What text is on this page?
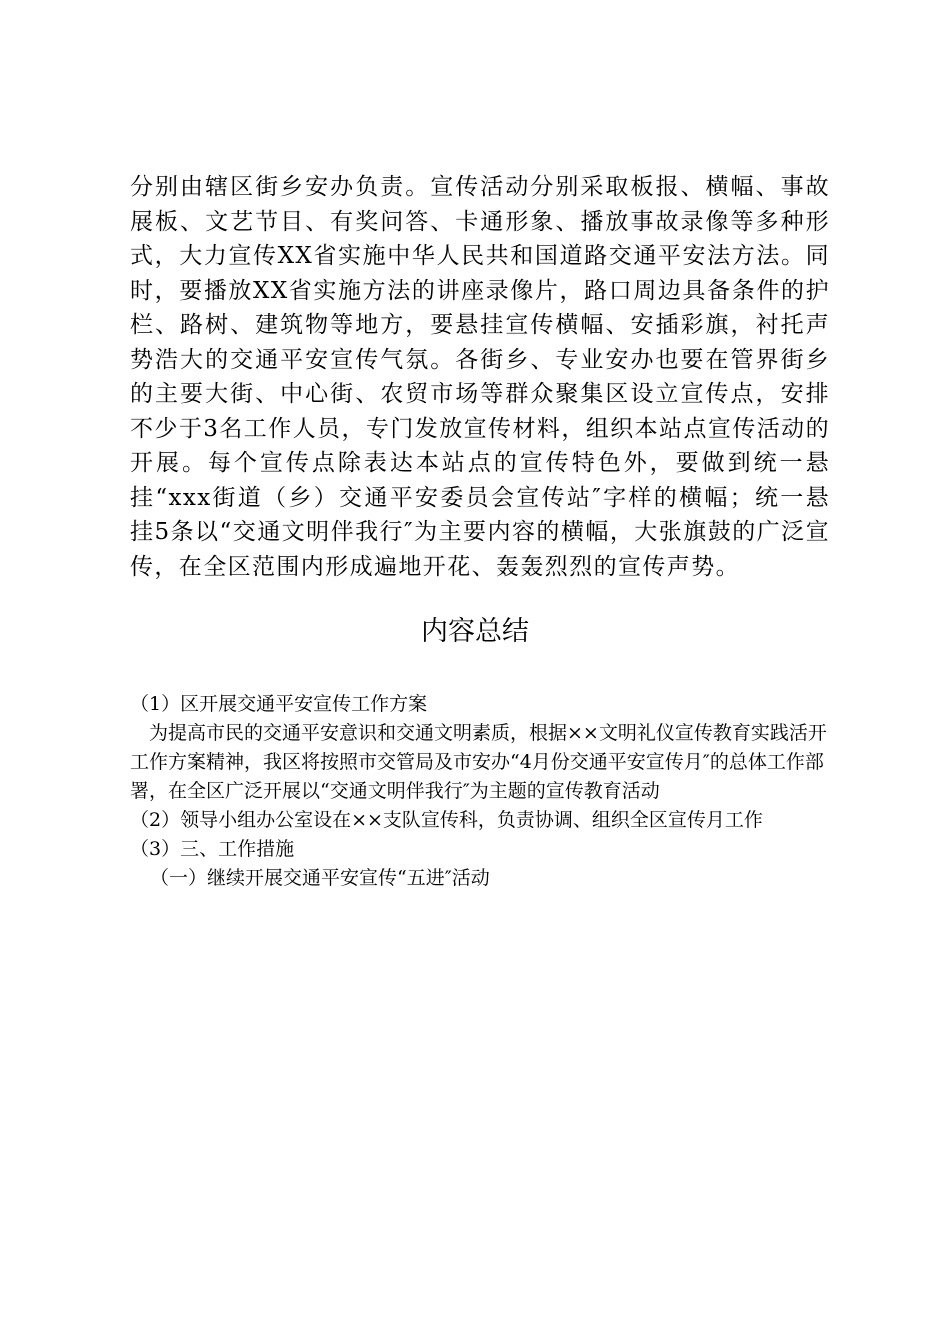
分别由辖区街乡安办负责。宣传活动分别采取板报、横幅、事故展板、文艺节目、有奖问答、卡通形象、播放事故录像等多种形式，大力宣传XX省实施中华人民共和国道路交通平安法方法。同时，要播放XX省实施方法的讲座录像片，路口周边具备条件的护栏、路树、建筑物等地方，要悬挂宣传横幅、安插彩旗，衬托声势浩大的交通平安宣传气氛。各街乡、专业安办也要在管界街乡的主要大街、中心街、农贸市场等群众聚集区设立宣传点，安排不少于3名工作人员，专门发放宣传材料，组织本站点宣传活动的开展。每个宣传点除表达本站点的宣传特色外，要做到统一悬挂“xxx街道（乡）交通平安委员会宣传站″字样的横幅；统一悬挂5条以“交通文明伴我行″为主要内容的横幅，大张旗鼓的广泛宣传，在全区范围内形成遍地开花、轰轰烈烈的宣传声势。

内容总结

（1）区开展交通平安宣传工作方案

为提高市民的交通平安意识和交通文明素质，根据××文明礼仪宣传教育实践活开工作方案精神，我区将按照市交管局及市安办“4月份交通平安宣传月″的总体工作部署，在全区广泛开展以“交通文明伴我行″为主题的宣传教育活动

（2）领导小组办公室设在××支队宣传科，负责协调、组织全区宣传月工作

（3）三、工作措施

（一）继续开展交通平安宣传“五进″活动
